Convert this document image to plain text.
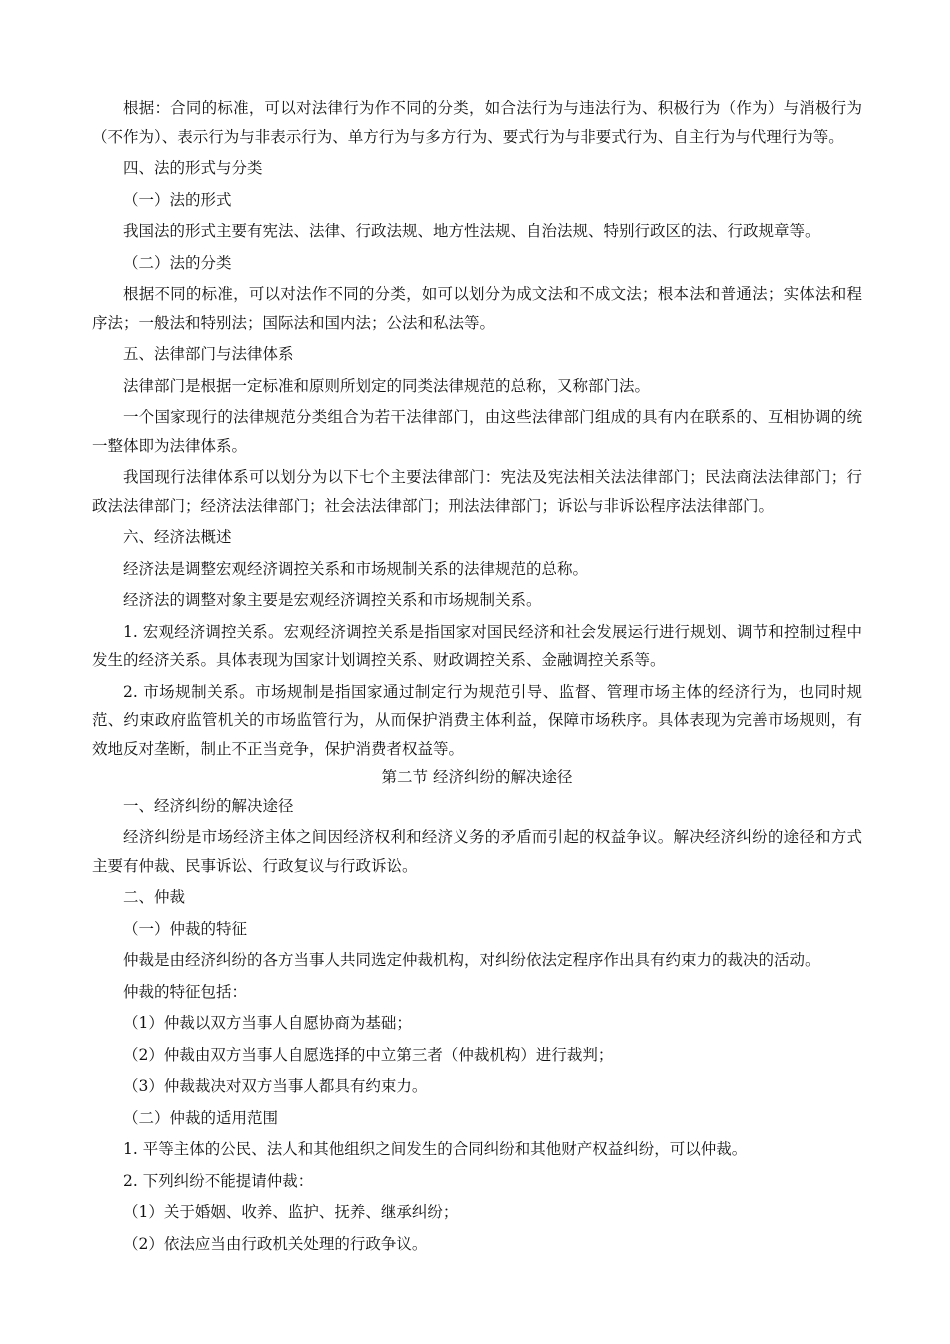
根据：合同的标准，可以对法律行为作不同的分类，如合法行为与违法行为、积极行为（作为）与消极行为（不作为）、表示行为与非表示行为、单方行为与多方行为、要式行为与非要式行为、自主行为与代理行为等。

四、法的形式与分类

（一）法的形式

我国法的形式主要有宪法、法律、行政法规、地方性法规、自治法规、特别行政区的法、行政规章等。

（二）法的分类

根据不同的标准，可以对法作不同的分类，如可以划分为成文法和不成文法；根本法和普通法；实体法和程序法；一般法和特别法；国际法和国内法；公法和私法等。

五、法律部门与法律体系

法律部门是根据一定标准和原则所划定的同类法律规范的总称，又称部门法。

一个国家现行的法律规范分类组合为若干法律部门，由这些法律部门组成的具有内在联系的、互相协调的统一整体即为法律体系。

我国现行法律体系可以划分为以下七个主要法律部门：宪法及宪法相关法法律部门；民法商法法律部门；行政法法律部门；经济法法律部门；社会法法律部门；刑法法律部门；诉讼与非诉讼程序法法律部门。

六、经济法概述

经济法是调整宏观经济调控关系和市场规制关系的法律规范的总称。

经济法的调整对象主要是宏观经济调控关系和市场规制关系。

1. 宏观经济调控关系。宏观经济调控关系是指国家对国民经济和社会发展运行进行规划、调节和控制过程中发生的经济关系。具体表现为国家计划调控关系、财政调控关系、金融调控关系等。

2. 市场规制关系。市场规制是指国家通过制定行为规范引导、监督、管理市场主体的经济行为，也同时规范、约束政府监管机关的市场监管行为，从而保护消费主体利益，保障市场秩序。具体表现为完善市场规则，有效地反对垄断，制止不正当竞争，保护消费者权益等。

第二节 经济纠纷的解决途径

一、经济纠纷的解决途径

经济纠纷是市场经济主体之间因经济权利和经济义务的矛盾而引起的权益争议。解决经济纠纷的途径和方式主要有仲裁、民事诉讼、行政复议与行政诉讼。

二、仲裁

（一）仲裁的特征

仲裁是由经济纠纷的各方当事人共同选定仲裁机构，对纠纷依法定程序作出具有约束力的裁决的活动。

仲裁的特征包括：

（1）仲裁以双方当事人自愿协商为基础；

（2）仲裁由双方当事人自愿选择的中立第三者（仲裁机构）进行裁判；

（3）仲裁裁决对双方当事人都具有约束力。

（二）仲裁的适用范围

1. 平等主体的公民、法人和其他组织之间发生的合同纠纷和其他财产权益纠纷，可以仲裁。

2. 下列纠纷不能提请仲裁：

（1）关于婚姻、收养、监护、抚养、继承纠纷；

（2）依法应当由行政机关处理的行政争议。
